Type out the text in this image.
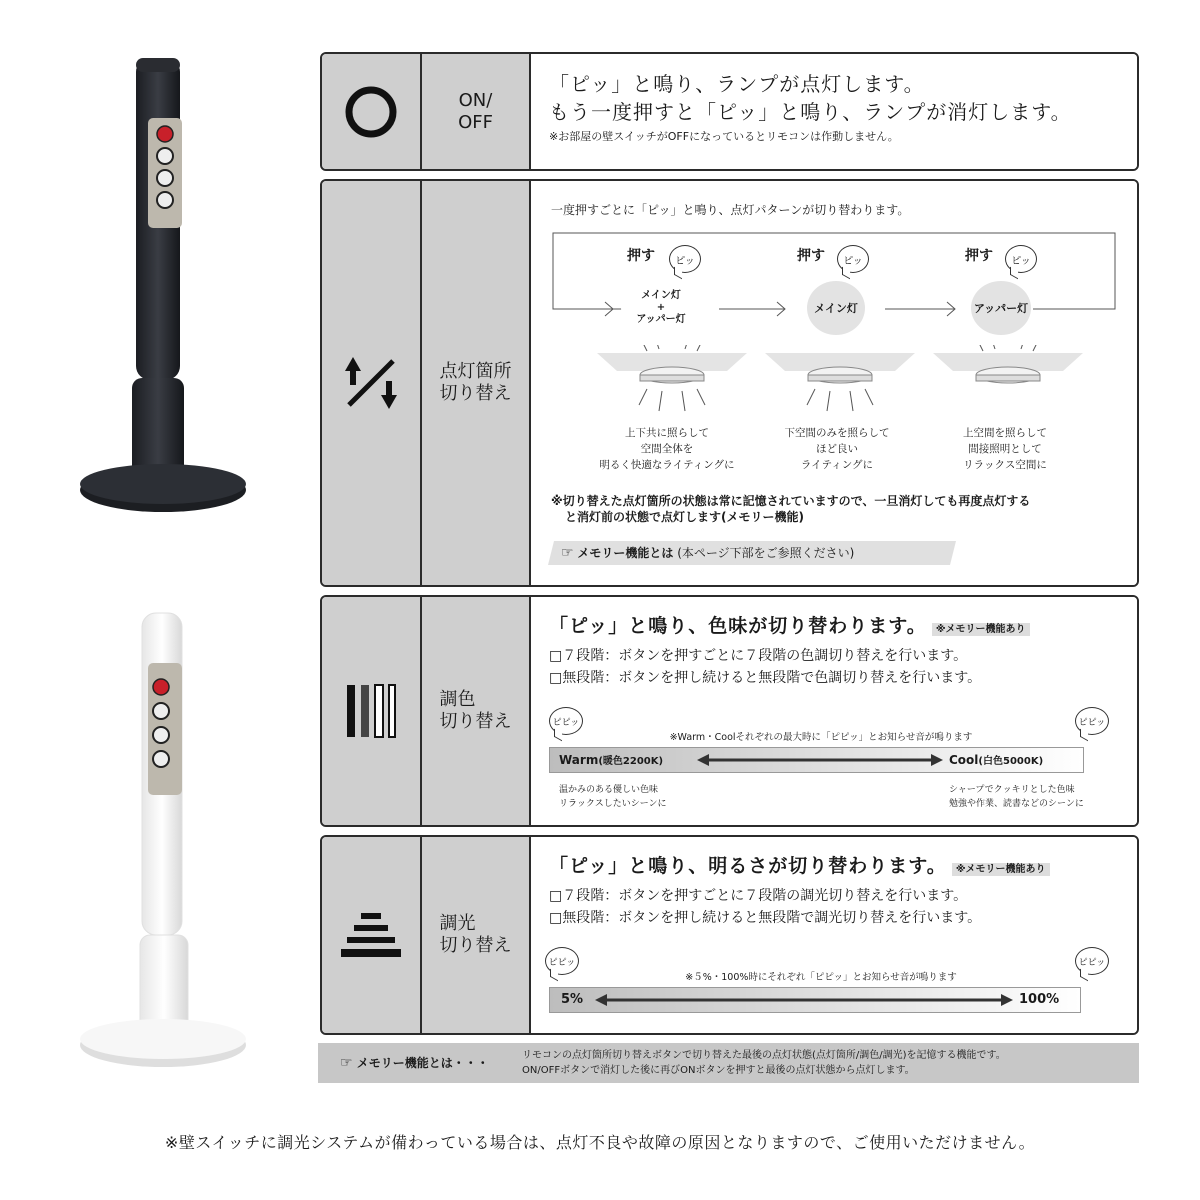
ON/
OFF
「ピッ」と鳴り、ランプが点灯します。
もう一度押すと「ピッ」と鳴り、ランプが消灯します。
※お部屋の壁スイッチがOFFになっているとリモコンは作動しません。
点灯箇所
切り替え
一度押すごとに「ピッ」と鳴り、点灯パターンが切り替わります。
押す ピッ
メイン灯
+
アッパー灯
押す ピッ
メイン灯
押す ピッ
アッパー灯
上下共に照らして
空間全体を
明るく快適なライティングに
下空間のみを照らして
ほど良い
ライティングに
上空間を照らして
間接照明として
リラックス空間に
※切り替えた点灯箇所の状態は常に記憶されていますので、一旦消灯しても再度点灯する
と消灯前の状態で点灯します(メモリー機能)
☞ メモリー機能とは (本ページ下部をご参照ください)
調色
切り替え
「ピッ」と鳴り、色味が切り替わります。 ※メモリー機能あり
□７段階：ボタンを押すごとに７段階の色調切り替えを行います。
□無段階：ボタンを押し続けると無段階で色調切り替えを行います。
ピピッ	ピピッ
※Warm・Coolそれぞれの最大時に「ピピッ」とお知らせ音が鳴ります
Warm(暖色2200K)	Cool(白色5000K)
温かみのある優しい色味
リラックスしたいシーンに
シャープでクッキリとした色味
勉強や作業、読書などのシーンに
調光
切り替え
「ピッ」と鳴り、明るさが切り替わります。 ※メモリー機能あり
□７段階：ボタンを押すごとに７段階の調光切り替えを行います。
□無段階：ボタンを押し続けると無段階で調光切り替えを行います。
ピピッ	ピピッ
※５%・100%時にそれぞれ「ピピッ」とお知らせ音が鳴ります
5%	100%
☞ メモリー機能とは・・・
リモコンの点灯箇所切り替えボタンで切り替えた最後の点灯状態(点灯箇所/調色/調光)を記憶する機能です。
ON/OFFボタンで消灯した後に再びONボタンを押すと最後の点灯状態から点灯します。
※壁スイッチに調光システムが備わっている場合は、点灯不良や故障の原因となりますので、ご使用いただけません。
